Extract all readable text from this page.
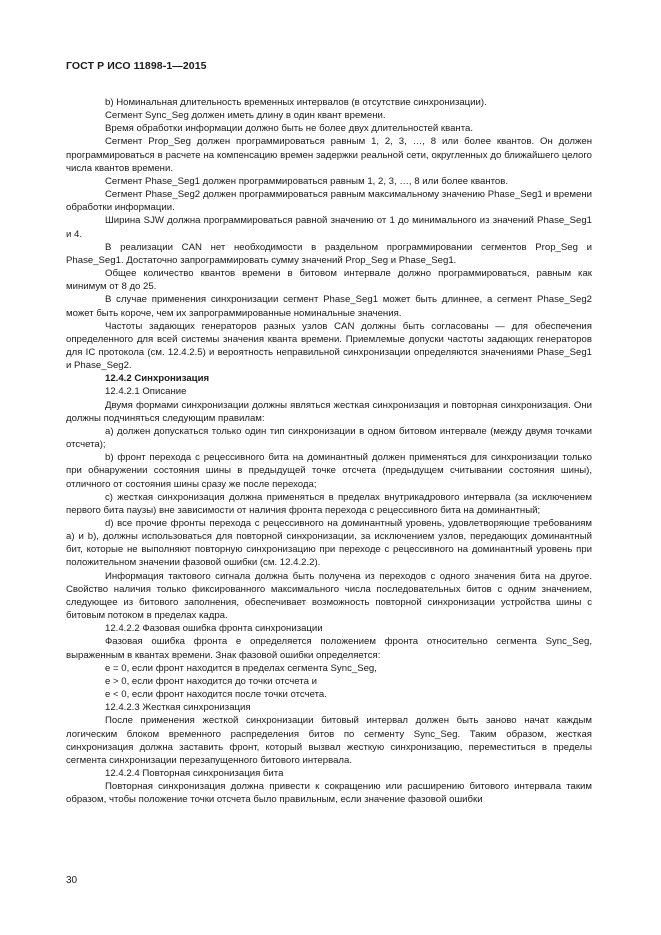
ГОСТ Р ИСО 11898-1—2015

b) Номинальная длительность временных интервалов (в отсутствие синхронизации).

Сегмент Sync_Seg должен иметь длину в один квант времени.

Время обработки информации должно быть не более двух длительностей кванта.

Сегмент Prop_Seg должен программироваться равным 1, 2, 3, …, 8 или более квантов. Он должен программироваться в расчете на компенсацию времен задержки реальной сети, округленных до ближайшего целого числа квантов времени.

Сегмент Phase_Seg1 должен программироваться равным 1, 2, 3, …, 8 или более квантов.

Сегмент Phase_Seg2 должен программироваться равным максимальному значению Phase_Seg1 и времени обработки информации.

Ширина SJW должна программироваться равной значению от 1 до минимального из значений Phase_Seg1 и 4.

В реализации CAN нет необходимости в раздельном программировании сегментов Prop_Seg и Phase_Seg1. Достаточно запрограммировать сумму значений Prop_Seg и Phase_Seg1.

Общее количество квантов времени в битовом интервале должно программироваться, равным как минимум от 8 до 25.

В случае применения синхронизации сегмент Phase_Seg1 может быть длиннее, а сегмент Phase_Seg2 может быть короче, чем их запрограммированные номинальные значения.

Частоты задающих генераторов разных узлов CAN должны быть согласованы — для обеспечения определенного для всей системы значения кванта времени. Приемлемые допуски частоты задающих генераторов для IC протокола (см. 12.4.2.5) и вероятность неправильной синхронизации определяются значениями Phase_Seg1 и Phase_Seg2.

12.4.2 Синхронизация

12.4.2.1 Описание

Двумя формами синхронизации должны являться жесткая синхронизация и повторная синхронизация. Они должны подчиняться следующим правилам:

a) должен допускаться только один тип синхронизации в одном битовом интервале (между двумя точками отсчета);

b) фронт перехода с рецессивного бита на доминантный должен применяться для синхронизации только при обнаружении состояния шины в предыдущей точке отсчета (предыдущем считывании состояния шины), отличного от состояния шины сразу же после перехода;

c) жесткая синхронизация должна применяться в пределах внутрикадрового интервала (за исключением первого бита паузы) вне зависимости от наличия фронта перехода с рецессивного бита на доминантный;

d) все прочие фронты перехода с рецессивного на доминантный уровень, удовлетворяющие требованиям a) и b), должны использоваться для повторной синхронизации, за исключением узлов, передающих доминантный бит, которые не выполняют повторную синхронизацию при переходе с рецессивного на доминантный уровень при положительном значении фазовой ошибки (см. 12.4.2.2).

Информация тактового сигнала должна быть получена из переходов с одного значения бита на другое. Свойство наличия только фиксированного максимального числа последовательных битов с одним значением, следующее из битового заполнения, обеспечивает возможность повторной синхронизации устройства шины с битовым потоком в пределах кадра.

12.4.2.2 Фазовая ошибка фронта синхронизации

Фазовая ошибка фронта e определяется положением фронта относительно сегмента Sync_Seg, выраженным в квантах времени. Знак фазовой ошибки определяется:

e = 0, если фронт находится в пределах сегмента Sync_Seg,

e > 0, если фронт находится до точки отсчета и

e < 0, если фронт находится после точки отсчета.

12.4.2.3 Жесткая синхронизация

После применения жесткой синхронизации битовый интервал должен быть заново начат каждым логическим блоком временного распределения битов по сегменту Sync_Seg. Таким образом, жесткая синхронизация должна заставить фронт, который вызвал жесткую синхронизацию, переместиться в пределы сегмента синхронизации перезапущенного битового интервала.

12.4.2.4 Повторная синхронизация бита

Повторная синхронизация должна привести к сокращению или расширению битового интервала таким образом, чтобы положение точки отсчета было правильным, если значение фазовой ошибки

30
